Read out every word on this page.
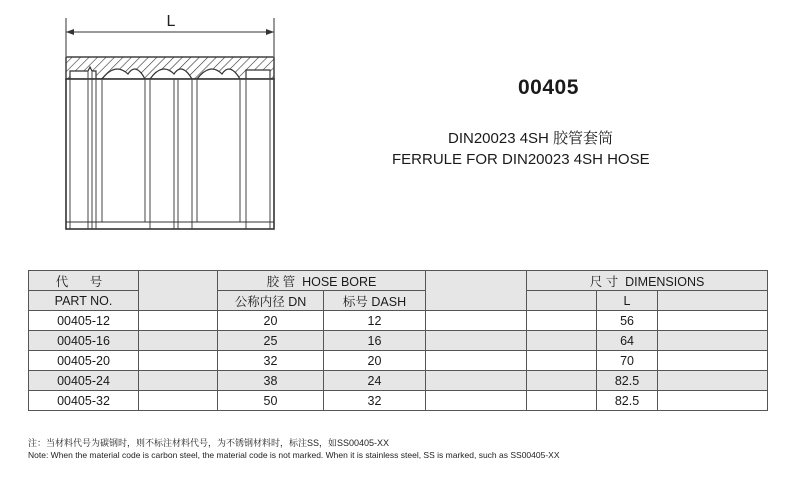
L
00405
DIN20023 4SH 胶管套筒
FERRULE FOR DIN20023 4SH HOSE
代 号		胶 管 HOSE BORE			尺 寸 DIMENSIONS		
PART NO.		公称内径 DN	标号 DASH			L	
00405-12		20	12			56	
00405-16		25	16			64	
00405-20		32	20			70	
00405-24		38	24			82.5	
00405-32		50	32			82.5	
注：当材料代号为碳钢时，则不标注材料代号，为不锈钢材料时，标注SS，如SS00405-XX
Note: When the material code is carbon steel, the material code is not marked. When it is stainless steel, SS is marked, such as SS00405-XX
